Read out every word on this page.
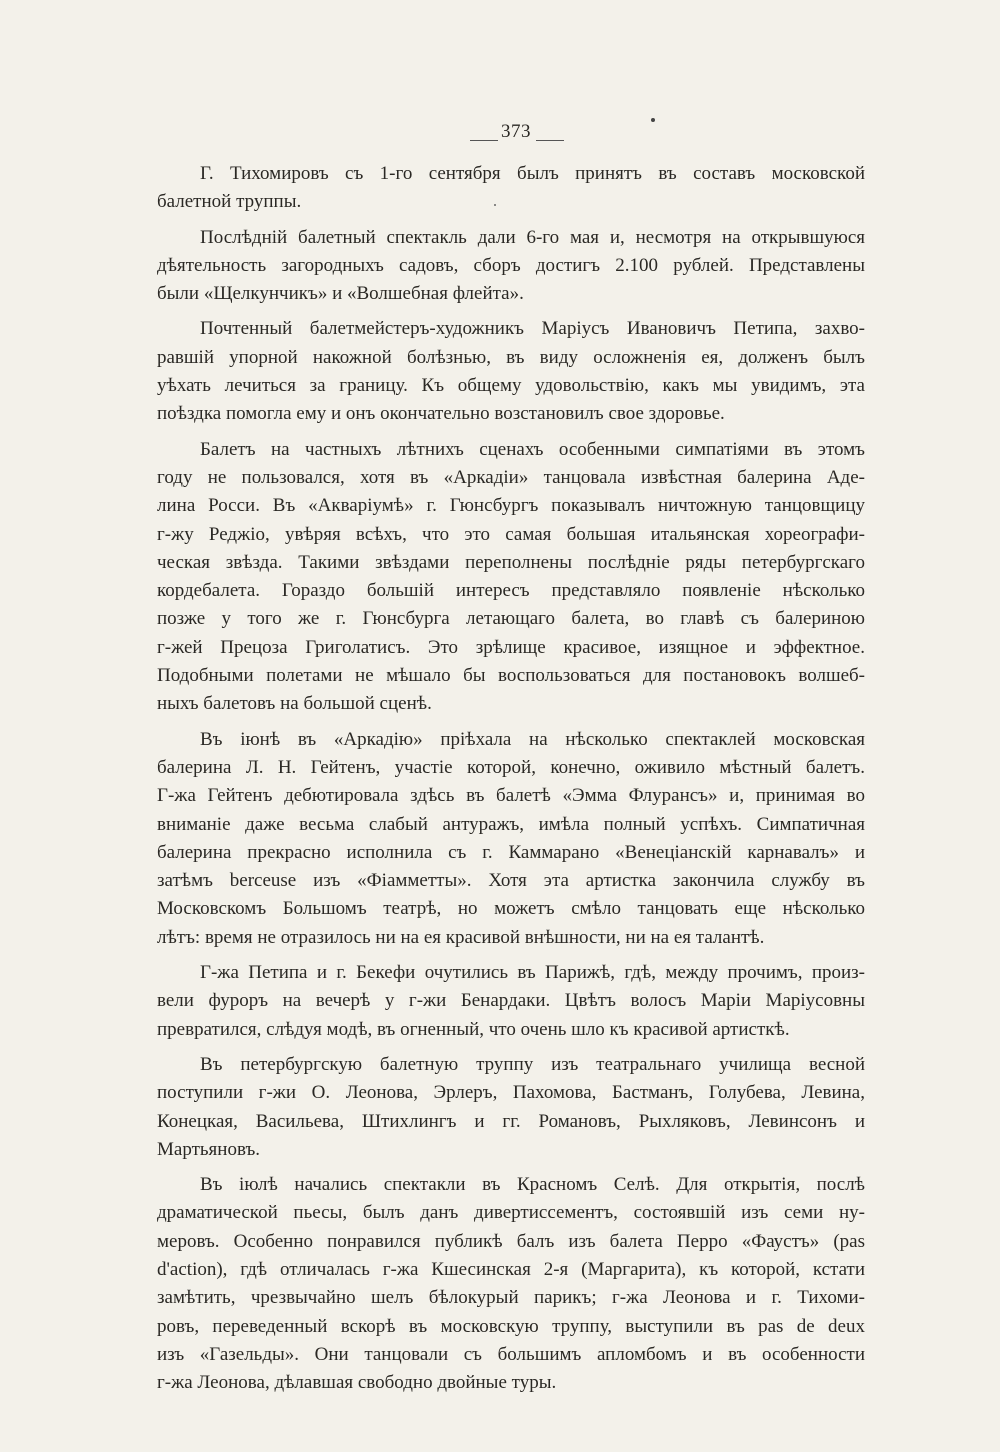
373
Г. Тихомировъ съ 1-го сентября былъ принятъ въ составъ московской
балетной труппы.
Послѣднiй балетный спектакль дали 6-го мая и, несмотря на открывшуюся
дѣятельность загородныхъ садовъ, сборъ достигъ 2.100 рублей. Представлены
были «Щелкунчикъ» и «Волшебная флейта».
Почтенный балетмейстеръ-художникъ Марiусъ Ивановичъ Петипа, захво-
равшiй упорной накожной болѣзнью, въ виду осложненiя ея, долженъ былъ
уѣхать лечиться за границу. Къ общему удовольствiю, какъ мы увидимъ, эта
поѣздка помогла ему и онъ окончательно возстановилъ свое здоровье.
Балетъ на частныхъ лѣтнихъ сценахъ особенными симпатiями въ этомъ
году не пользовался, хотя въ «Аркадiи» танцовала извѣстная балерина Аде-
лина Росси. Въ «Акварiумѣ» г. Гюнсбургъ показывалъ ничтожную танцовщицу
г-жу Реджiо, увѣряя всѣхъ, что это самая большая итальянская хореографи-
ческая звѣзда. Такими звѣздами переполнены послѣднiе ряды петербургскаго
кордебалета. Гораздо большiй интересъ представляло появленiе нѣсколько
позже у того же г. Гюнсбурга летающаго балета, во главѣ съ балериною
г-жей Прецоза Григолатисъ. Это зрѣлище красивое, изящное и эффектное.
Подобными полетами не мѣшало бы воспользоваться для постановокъ волшеб-
ныхъ балетовъ на большой сценѣ.
Въ iюнѣ въ «Аркадiю» прiѣхала на нѣсколько спектаклей московская
балерина Л. Н. Гейтенъ, участiе которой, конечно, оживило мѣстный балетъ.
Г-жа Гейтенъ дебютировала здѣсь въ балетѣ «Эмма Флурансъ» и, принимая во
вниманiе даже весьма слабый антуражъ, имѣла полный успѣхъ. Симпатичная
балерина прекрасно исполнила съ г. Каммарано «Венецiанскiй карнавалъ» и
затѣмъ berceuse изъ «Фiамметты». Хотя эта артистка закончила службу въ
Московскомъ Большомъ театрѣ, но можетъ смѣло танцовать еще нѣсколько
лѣтъ: время не отразилось ни на ея красивой внѣшности, ни на ея талантѣ.
Г-жа Петипа и г. Бекефи очутились въ Парижѣ, гдѣ, между прочимъ, произ-
вели фуроръ на вечерѣ у г-жи Бенардаки. Цвѣтъ волосъ Марiи Марiусовны
превратился, слѣдуя модѣ, въ огненный, что очень шло къ красивой артисткѣ.
Въ петербургскую балетную труппу изъ театральнаго училища весной
поступили г-жи О. Леонова, Эрлеръ, Пахомова, Бастманъ, Голубева, Левина,
Конецкая, Васильева, Штихлингъ и гг. Романовъ, Рыхляковъ, Левинсонъ и
Мартьяновъ.
Въ iюлѣ начались спектакли въ Красномъ Селѣ. Для открытiя, послѣ
драматической пьесы, былъ данъ дивертиссементъ, состоявшiй изъ семи ну-
меровъ. Особенно понравился публикѣ балъ изъ балета Перро «Фаустъ» (pas
d'action), гдѣ отличалась г-жа Кшесинская 2-я (Маргарита), къ которой, кстати
замѣтить, чрезвычайно шелъ бѣлокурый парикъ; г-жа Леонова и г. Тихоми-
ровъ, переведенный вскорѣ въ московскую труппу, выступили въ pas de deux
изъ «Газельды». Они танцовали съ большимъ апломбомъ и въ особенности
г-жа Леонова, дѣлавшая свободно двойные туры.
